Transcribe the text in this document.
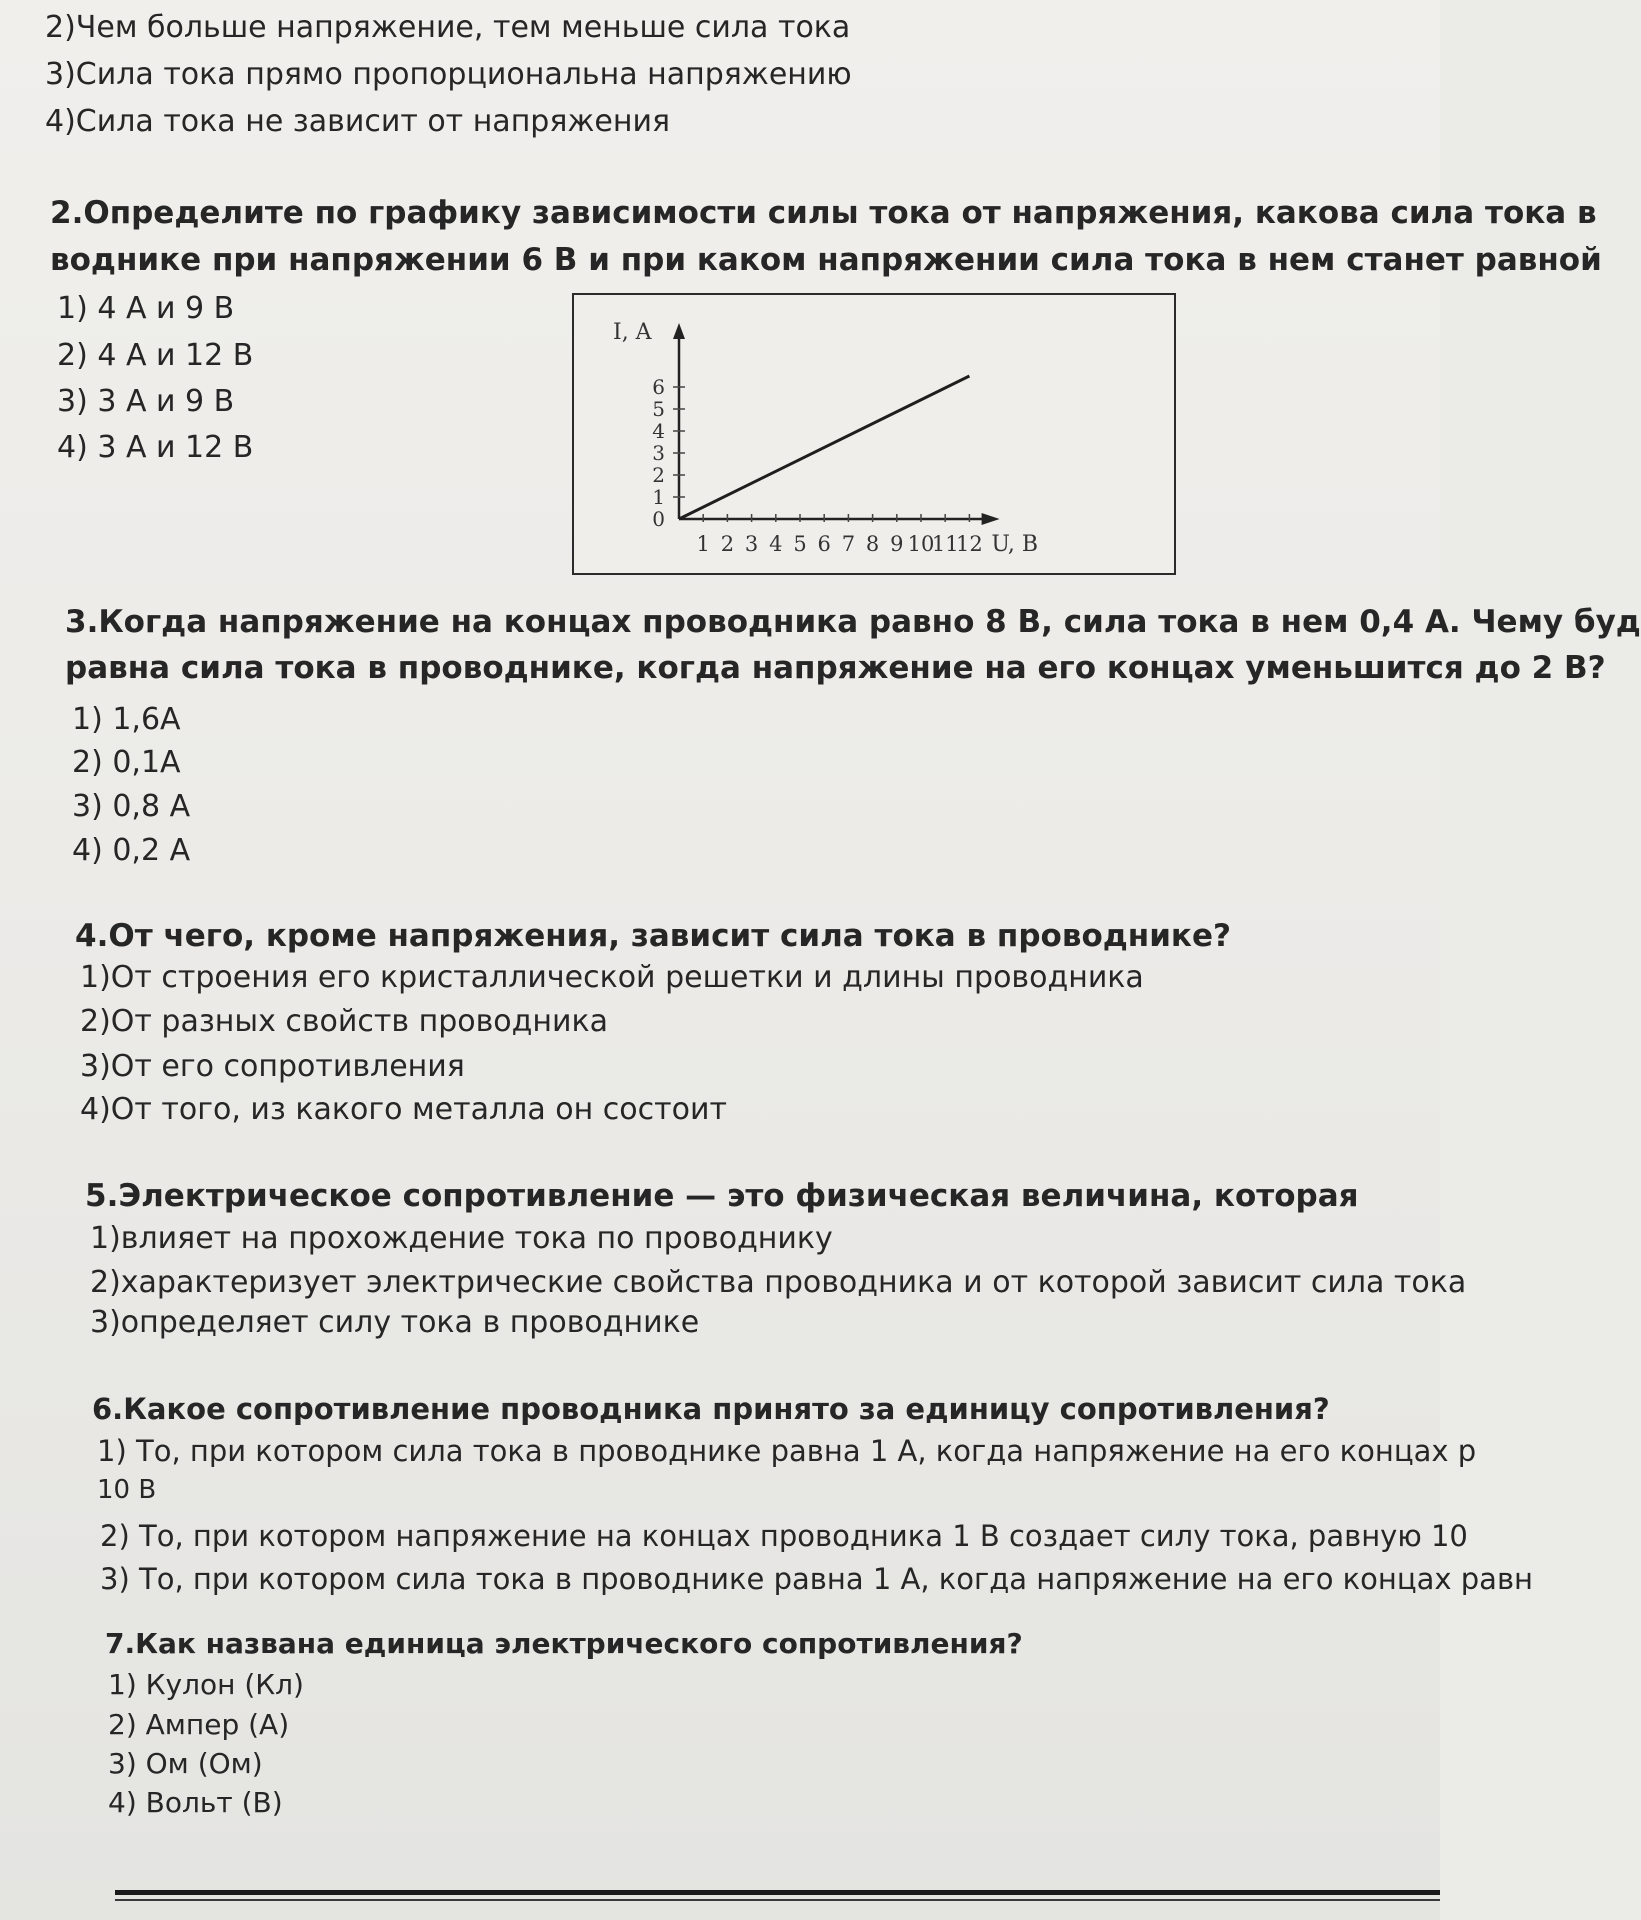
2)Чем больше напряжение, тем меньше сила тока
3)Сила тока прямо пропорциональна напряжению
4)Сила тока не зависит от напряжения
2.Определите по графику зависимости силы тока от напряжения, какова сила тока в
воднике при напряжении 6 В и при каком напряжении сила тока в нем станет равной
1) 4 А и 9 В
2) 4 А и 12 В
3) 3 А и 9 В
4) 3 А и 12 В
I, A
U, B
1 2 3 4 5 6 7 8 9 10
11
12
0
1
2
3
4
5
6
3.Когда напряжение на концах проводника равно 8 В, сила тока в нем 0,4 А. Чему буд
равна сила тока в проводнике, когда напряжение на его концах уменьшится до 2 В?
1) 1,6А
2) 0,1А
3) 0,8 А
4) 0,2 А
4.От чего, кроме напряжения, зависит сила тока в проводнике?
1)От строения его кристаллической решетки и длины проводника
2)От разных свойств проводника
3)От его сопротивления
4)От того, из какого металла он состоит
5.Электрическое сопротивление — это физическая величина, которая
1)влияет на прохождение тока по проводнику
2)характеризует электрические свойства проводника и от которой зависит сила тока
3)определяет силу тока в проводнике
6.Какое сопротивление проводника принято за единицу сопротивления?
1) То, при котором сила тока в проводнике равна 1 А, когда напряжение на его концах р
10 В
2) То, при котором напряжение на концах проводника 1 В создает силу тока, равную 10
3) То, при котором сила тока в проводнике равна 1 А, когда напряжение на его концах равн
7.Как названа единица электрического сопротивления?
1) Кулон (Кл)
2) Ампер (А)
3) Ом (Ом)
4) Вольт (В)
